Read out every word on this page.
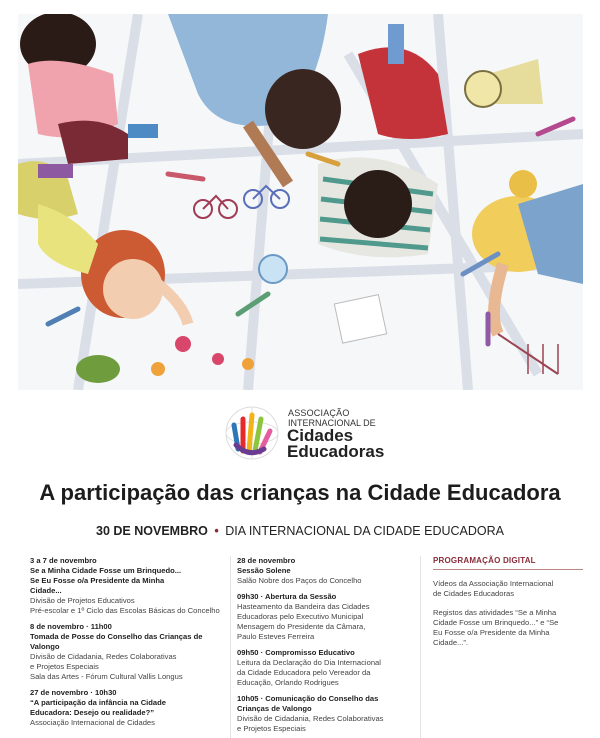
ASSOCIAÇÃO
INTERNACIONAL DE
Cidades
Educadoras
A participação das crianças na Cidade Educadora
30 DE NOVEMBRO • DIA INTERNACIONAL DA CIDADE EDUCADORA
3 a 7 de novembro
Se a Minha Cidade Fosse um Brinquedo...
Se Eu Fosse o/a Presidente da Minha
Cidade...
Divisão de Projetos Educativos
Pré-escolar e 1º Ciclo das Escolas Básicas do Concelho
8 de novembro · 11h00
Tomada de Posse do Conselho das Crianças de
Valongo
Divisão de Cidadania, Redes Colaborativas
e Projetos Especiais
Sala das Artes - Fórum Cultural Vallis Longus
27 de novembro · 10h30
“A participação da infância na Cidade
Educadora: Desejo ou realidade?”
Associação Internacional de Cidades
28 de novembro
Sessão Solene
Salão Nobre dos Paços do Concelho
09h30 · Abertura da Sessão
Hasteamento da Bandeira das Cidades
Educadoras pelo Executivo Municipal
Mensagem do Presidente da Câmara,
Paulo Esteves Ferreira
09h50 · Compromisso Educativo
Leitura da Declaração do Dia Internacional
da Cidade Educadora pelo Vereador da
Educação, Orlando Rodrigues
10h05 · Comunicação do Conselho das
Crianças de Valongo
Divisão de Cidadania, Redes Colaborativas
e Projetos Especiais
PROGRAMAÇÃO DIGITAL
Vídeos da Associação Internacional
de Cidades Educadoras
Registos das atividades “Se a Minha
Cidade Fosse um Brinquedo...” e “Se
Eu Fosse o/a Presidente da Minha
Cidade...”.
